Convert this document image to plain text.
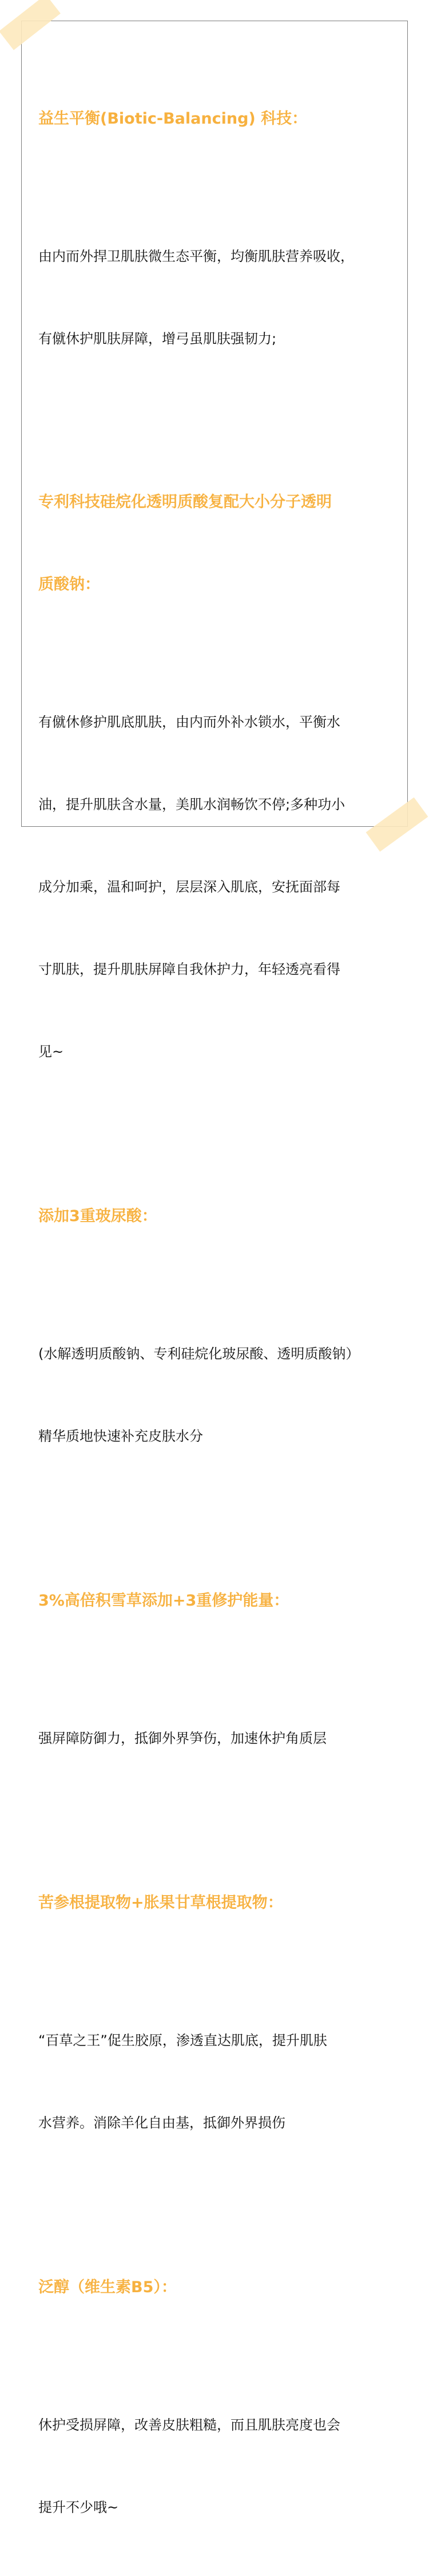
益生平衡(Biotic-Balancing) 科技：

由内而外捍卫肌肤微生态平衡，均衡肌肤营养吸收，

有僦休护肌肤屏障，增弓虽肌肤强韧力;

专利科技硅烷化透明质酸复配大小分子透明

质酸钠：

有僦休修护肌底肌肤，由内而外补水锁水，平衡水

油，提升肌肤含水量，美肌水润畅饮不停;多种功小

成分加乘，温和呵护，层层深入肌底，安抚面部每

寸肌肤，提升肌肤屏障自我休护力，年轻透亮看得

见~

添加3重玻尿酸：

(水解透明质酸钠、专利硅烷化玻尿酸、透明质酸钠）

精华质地快速补充皮肤水分

3%高倍积雪草添加+3重修护能量：

强屏障防御力，抵御外界笋伤，加速休护角质层

苦参根提取物+胀果甘草根提取物：

“百草之王”促生胶原，渗透直达肌底，提升肌肤

水营养。消除羊化自由基，抵御外界损伤

泛醇（维生素B5）：

休护受损屏障，改善皮肤粗糙，而且肌肤亮度也会

提升不少哦~
